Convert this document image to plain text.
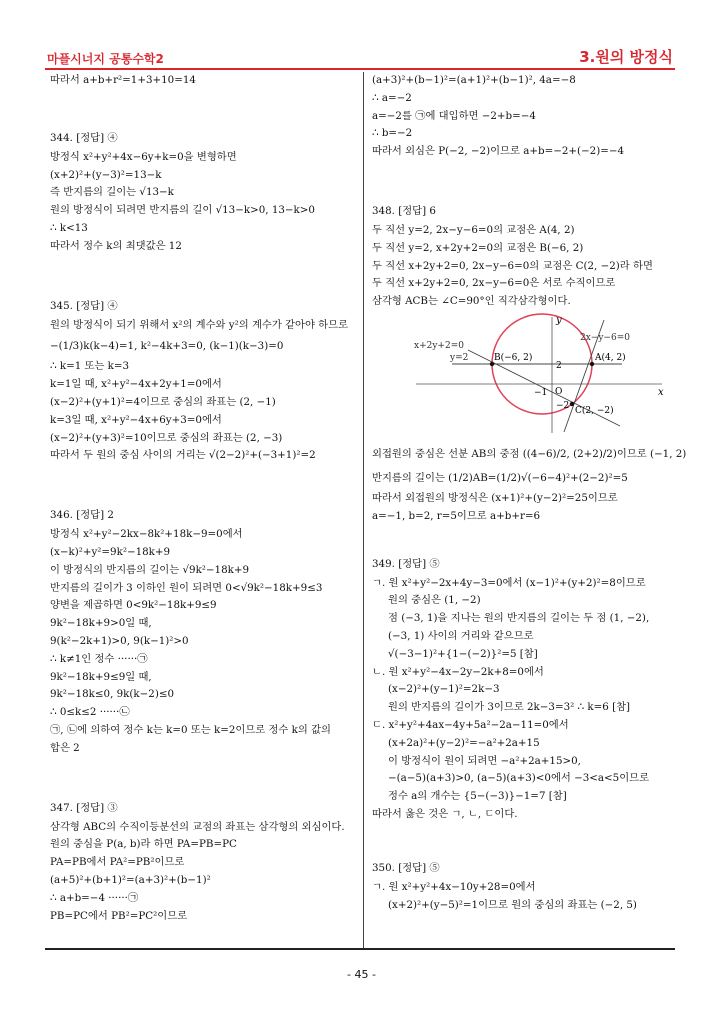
마플시너지 공통수학2	3.원의 방정식
- 45 -
따라서 a+b+r²=1+3+10=14
344. [정답] ④
방정식 x²+y²+4x−6y+k=0을 변형하면
(x+2)²+(y−3)²=13−k
즉 반지름의 길이는 √13−k
원의 방정식이 되려면 반지름의 길이 √13−k>0, 13−k>0
∴ k<13
따라서 정수 k의 최댓값은 12
345. [정답] ④
원의 방정식이 되기 위해서 x²의 계수와 y²의 계수가 같아야 하므로
−(1/3)k(k−4)=1, k²−4k+3=0, (k−1)(k−3)=0
∴ k=1 또는 k=3
k=1일 때, x²+y²−4x+2y+1=0에서
(x−2)²+(y+1)²=4이므로 중심의 좌표는 (2, −1)
k=3일 때, x²+y²−4x+6y+3=0에서
(x−2)²+(y+3)²=10이므로 중심의 좌표는 (2, −3)
따라서 두 원의 중심 사이의 거리는 √(2−2)²+(−3+1)²=2
346. [정답] 2
방정식 x²+y²−2kx−8k²+18k−9=0에서
(x−k)²+y²=9k²−18k+9
이 방정식의 반지름의 길이는 √9k²−18k+9
반지름의 길이가 3 이하인 원이 되려면 0<√9k²−18k+9≤3
양변을 제곱하면 0<9k²−18k+9≤9
9k²−18k+9>0일 때,
9(k²−2k+1)>0, 9(k−1)²>0
∴ k≠1인 정수 ······㉠
9k²−18k+9≤9일 때,
9k²−18k≤0, 9k(k−2)≤0
∴ 0≤k≤2 ······㉡
㉠, ㉡에 의하여 정수 k는 k=0 또는 k=2이므로 정수 k의 값의
합은 2
347. [정답] ③
삼각형 ABC의 수직이등분선의 교점의 좌표는 삼각형의 외심이다.
원의 중심을 P(a, b)라 하면 PA=PB=PC
PA=PB에서 PA²=PB²이므로
(a+5)²+(b+1)²=(a+3)²+(b−1)²
∴ a+b=−4 ······㉠
PB=PC에서 PB²=PC²이므로
(a+3)²+(b−1)²=(a+1)²+(b−1)², 4a=−8
∴ a=−2
a=−2를 ㉠에 대입하면 −2+b=−4
∴ b=−2
따라서 외심은 P(−2, −2)이므로 a+b=−2+(−2)=−4
348. [정답] 6
두 직선 y=2, 2x−y−6=0의 교점은 A(4, 2)
두 직선 y=2, x+2y+2=0의 교점은 B(−6, 2)
두 직선 x+2y+2=0, 2x−y−6=0의 교점은 C(2, −2)라 하면
두 직선 x+2y+2=0, 2x−y−6=0은 서로 수직이므로
삼각형 ACB는 ∠C=90°인 직각삼각형이다.
y
x
O
2x−y−6=0
x+2y+2=0
y=2	A(4, 2)
B(−6, 2)
C(2, −2)
−1
2
−2
외접원의 중심은 선분 AB의 중점 ((4−6)/2, (2+2)/2)이므로 (−1, 2)
반지름의 길이는 (1/2)AB=(1/2)√(−6−4)²+(2−2)²=5
따라서 외접원의 방정식은 (x+1)²+(y−2)²=25이므로
a=−1, b=2, r=5이므로 a+b+r=6
349. [정답] ⑤
ㄱ. 원 x²+y²−2x+4y−3=0에서 (x−1)²+(y+2)²=8이므로
원의 중심은 (1, −2)
점 (−3, 1)을 지나는 원의 반지름의 길이는 두 점 (1, −2),
(−3, 1) 사이의 거리와 같으므로
√(−3−1)²+{1−(−2)}²=5 [참]
ㄴ. 원 x²+y²−4x−2y−2k+8=0에서
(x−2)²+(y−1)²=2k−3
원의 반지름의 길이가 3이므로 2k−3=3² ∴ k=6 [참]
ㄷ. x²+y²+4ax−4y+5a²−2a−11=0에서
(x+2a)²+(y−2)²=−a²+2a+15
이 방정식이 원이 되려면 −a²+2a+15>0,
−(a−5)(a+3)>0, (a−5)(a+3)<0에서 −3<a<5이므로
정수 a의 개수는 {5−(−3)}−1=7 [참]
따라서 옳은 것은 ㄱ, ㄴ, ㄷ이다.
350. [정답] ⑤
ㄱ. 원 x²+y²+4x−10y+28=0에서
(x+2)²+(y−5)²=1이므로 원의 중심의 좌표는 (−2, 5)
